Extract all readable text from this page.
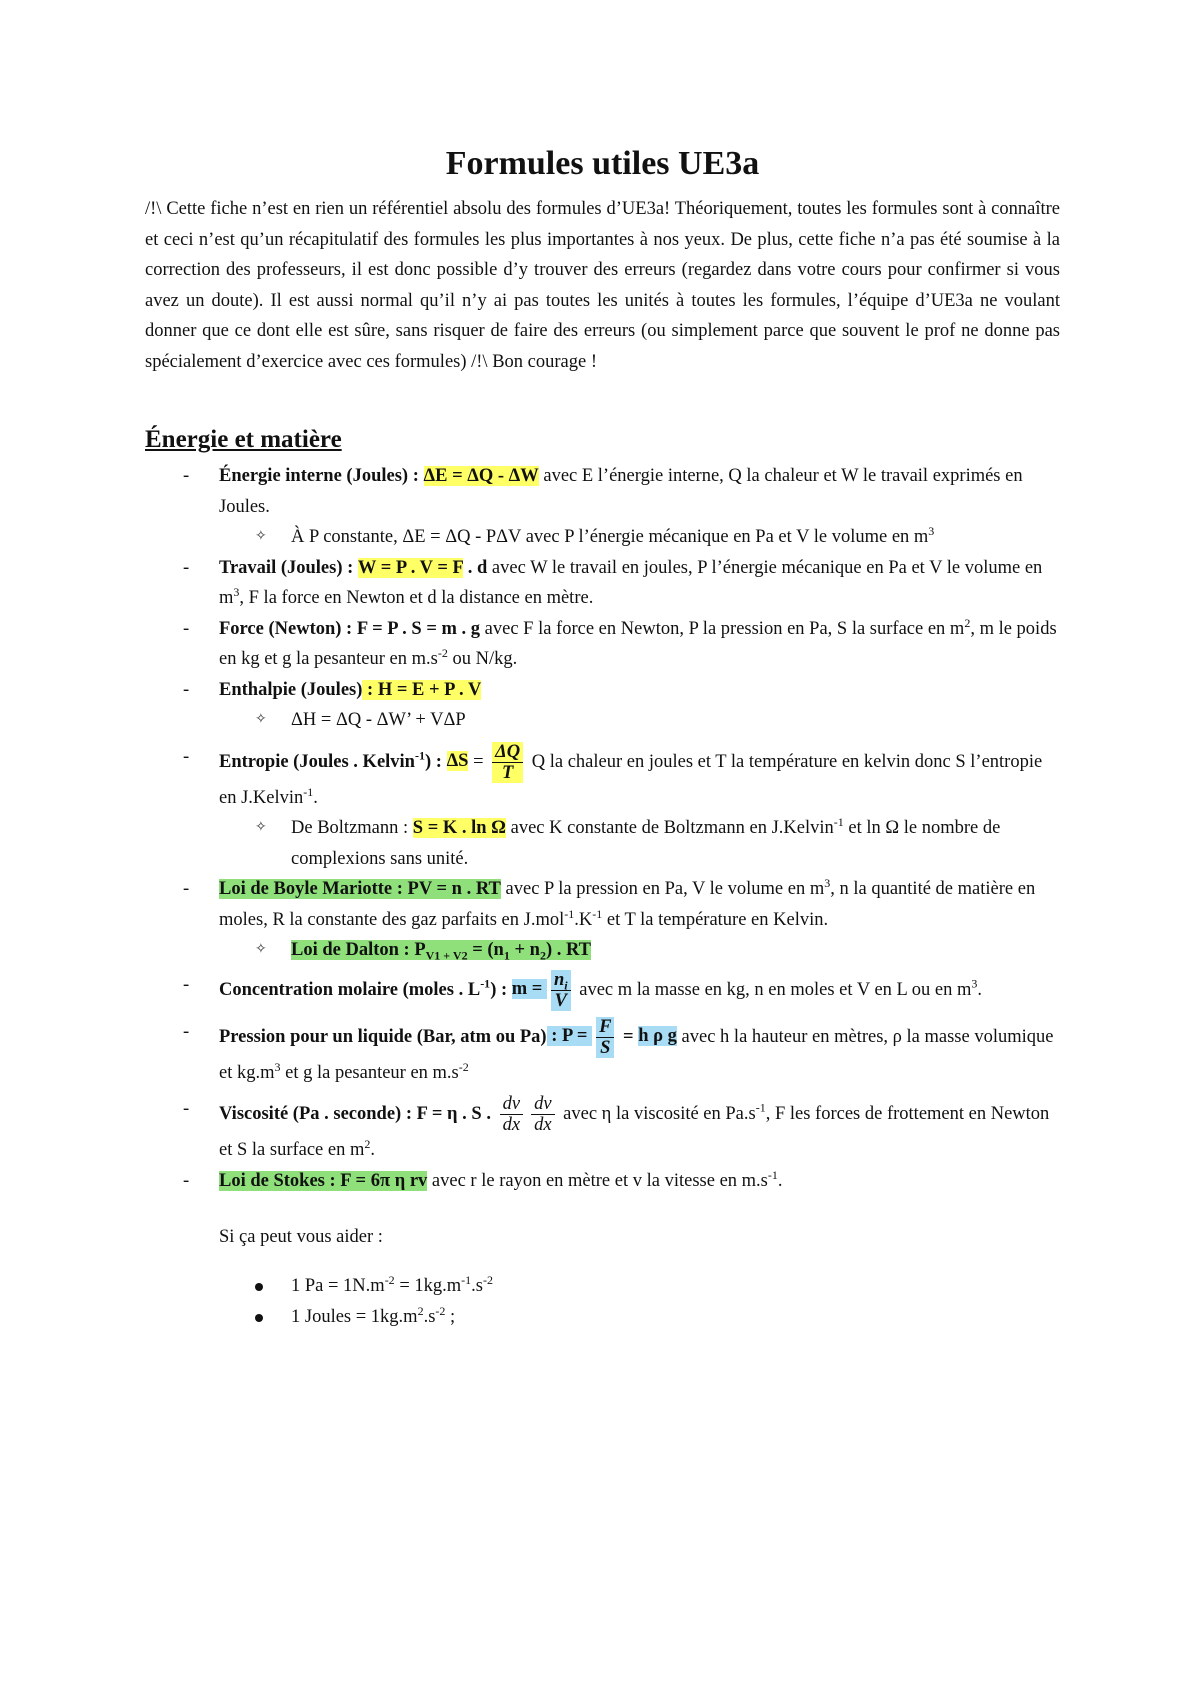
Formules utiles UE3a

/!\ Cette fiche n’est en rien un référentiel absolu des formules d’UE3a! Théoriquement, toutes les formules sont à connaître et ceci n’est qu’un récapitulatif des formules les plus importantes à nos yeux. De plus, cette fiche n’a pas été soumise à la correction des professeurs, il est donc possible d’y trouver des erreurs (regardez dans votre cours pour confirmer si vous avez un doute). Il est aussi normal qu’il n’y ai pas toutes les unités à toutes les formules, l’équipe d’UE3a ne voulant donner que ce dont elle est sûre, sans risquer de faire des erreurs (ou simplement parce que souvent le prof ne donne pas spécialement d’exercice avec ces formules) /!\ Bon courage !

Énergie et matière

- Énergie interne (Joules) : ΔE = ΔQ - ΔW avec E l’énergie interne, Q la chaleur et W le travail exprimés en Joules.

✧ À P constante, ΔE = ΔQ - PΔV avec P l’énergie mécanique en Pa et V le volume en $m^3$

- Travail (Joules) : W = P . V = F . d avec W le travail en joules, P l’énergie mécanique en Pa et V le volume en $m^3$, F la force en Newton et d la distance en mètre.

- Force (Newton) : F = P . S = m . g avec F la force en Newton, P la pression en Pa, S la surface en $m^2$, m le poids en kg et g la pesanteur en $m.s^{-2}$ ou N/kg.

- Enthalpie (Joules) : H = E + P . V

✧ ΔH = ΔQ - ΔW’ + VΔP

- Entropie (Joules . Kelvin$^{-1}$) : $\Delta S = \frac{\Delta Q}{T}$ Q la chaleur en joules et T la température en kelvin donc S l’entropie en J.Kelvin$^{-1}$.

✧ De Boltzmann : S = K . ln Ω avec K constante de Boltzmann en J.Kelvin$^{-1}$ et ln Ω le nombre de complexions sans unité.

- Loi de Boyle Mariotte : PV = n . RT avec P la pression en Pa, V le volume en $m^3$, n la quantité de matière en moles, R la constante des gaz parfaits en $J.mol^{-1}.K^{-1}$ et T la température en Kelvin.

✧ Loi de Dalton : $P_{V1 + V2} = (n_1 + n_2)$ . RT

- Concentration molaire (moles . $L^{-1}$) : $m = \frac{n_i}{V}$ avec m la masse en kg, n en moles et V en L ou en $m^3$.

- Pression pour un liquide (Bar, atm ou Pa) : $P = \frac{F}{S} = h$ ρ g avec h la hauteur en mètres, ρ la masse volumique et $kg.m^3$ et g la pesanteur en $m.s^{-2}$

- Viscosité (Pa . seconde) : F = η . S . $\frac{dv}{dx} \frac{dv}{dx}$ avec η la viscosité en $Pa.s^{-1}$, F les forces de frottement en Newton et S la surface en $m^2$.

- Loi de Stokes : F = 6π η rv avec r le rayon en mètre et v la vitesse en $m.s^{-1}$.

Si ça peut vous aider :

1 $Pa = 1N.m^{-2} = 1kg.m^{-1}.s^{-2}$

1 Joules = $1kg.m^2.s^{-2}$ ;
